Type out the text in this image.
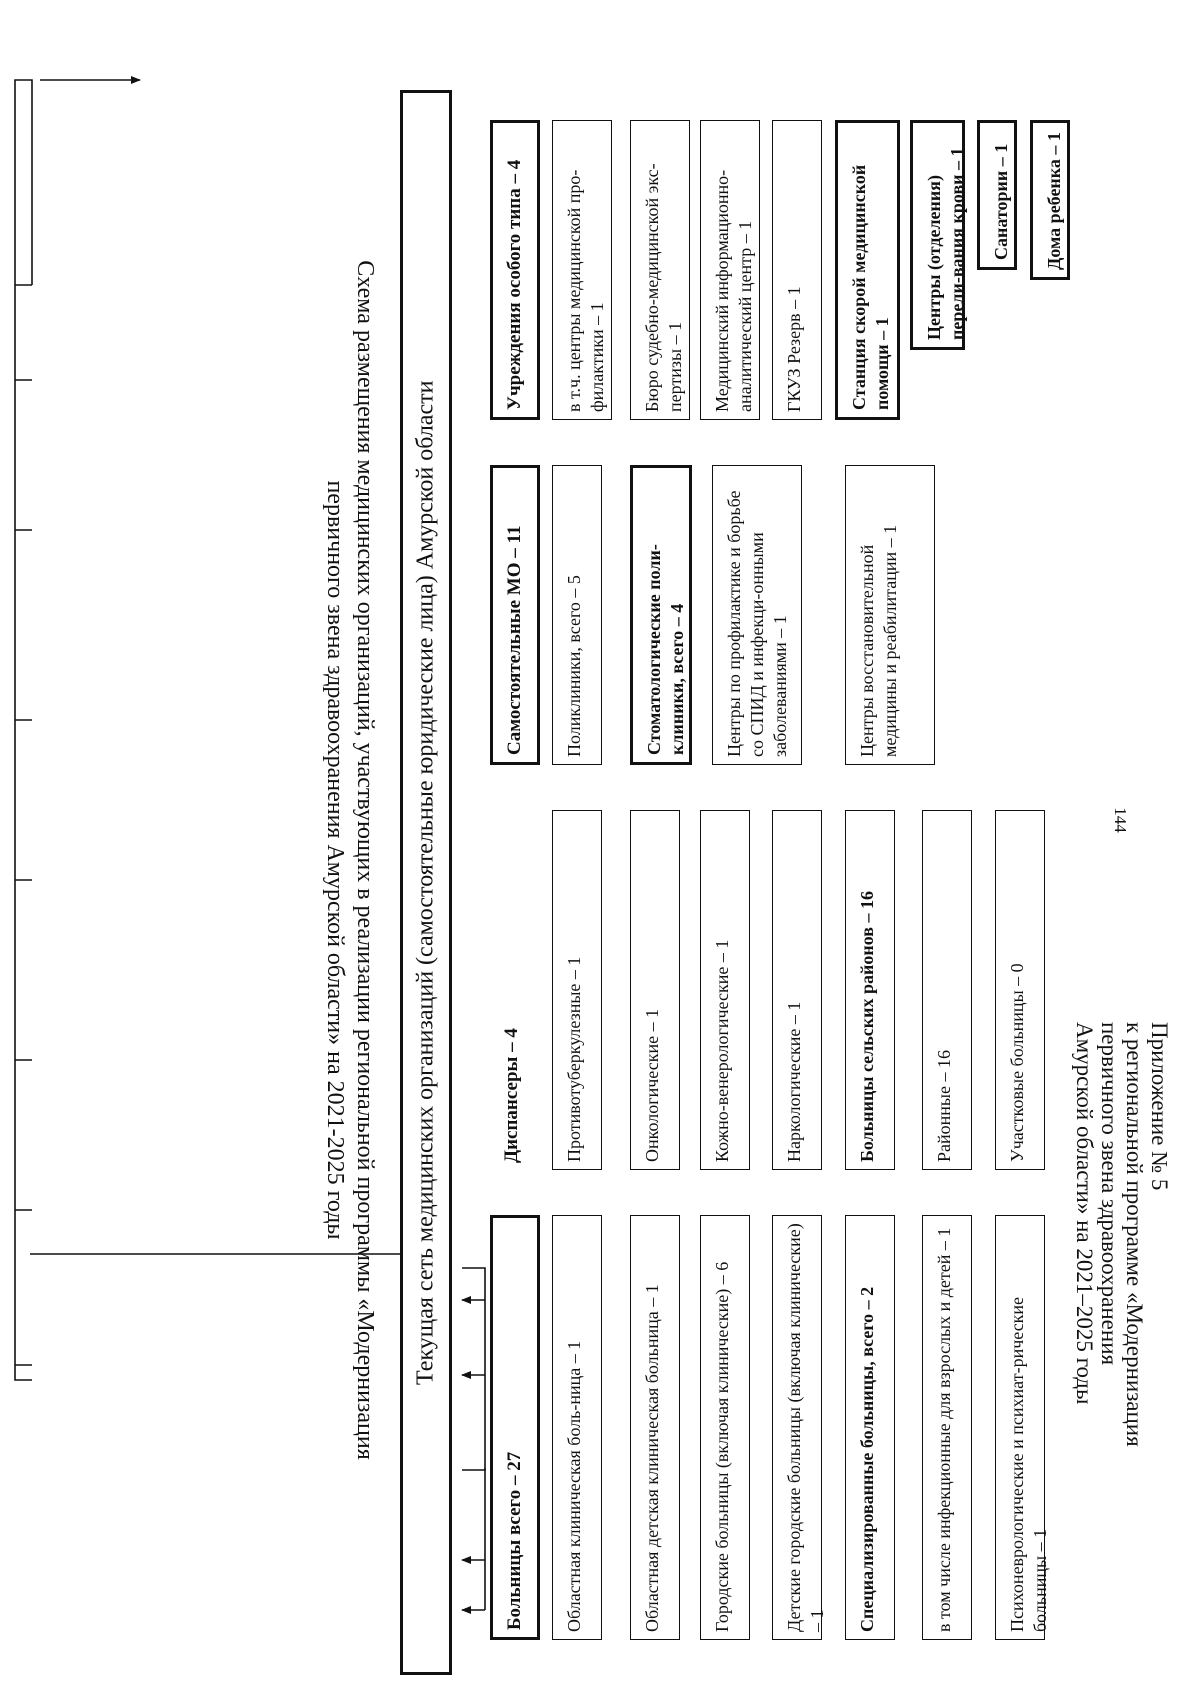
144
Приложение № 5
к региональной программе «Модернизация
первичного звена здравоохранения
Амурской области» на 2021–2025 годы
Схема размещения медицинских организаций, участвующих в реализации региональной программы «Модернизация
первичного звена здравоохранения Амурской области» на 2021-2025 годы	Текущая сеть медицинских организаций (самостоятельные юридические лица) Амурской области
Больницы всего – 27	Областная клиническая боль-ница – 1	Областная детская клиническая больница – 1	Городские больницы (включая клинические) – 6	Детские городские больницы (включая клинические) – 1	Специализированные больницы, всего – 2	в том числе инфекционные для взрослых и детей – 1	Психоневрологические и психиат-рические больницы – 1
Диспансеры – 4	Противотуберкулезные – 1	Онкологические – 1	Кожно-венерологические – 1	Наркологические – 1	Больницы сельских районов – 16	Районные – 16	Участковые больницы – 0
Самостоятельные МО – 11	Поликлиники, всего – 5	Стоматологические поли-клиники, всего – 4	Центры по профилактике и борьбе со СПИД и инфекци-онными заболеваниями – 1	Центры восстановительной медицины и реабилитации – 1
Учреждения особого типа – 4	в т.ч. центры медицинской про-филактики – 1	Бюро судебно-медицинской экс-пертизы – 1	Медицинский информационно-аналитический центр – 1	ГКУЗ Резерв – 1	Станция скорой медицинской помощи – 1
Центры (отделения) перели-вания крови – 1	Санатории – 1	Дома ребенка – 1
